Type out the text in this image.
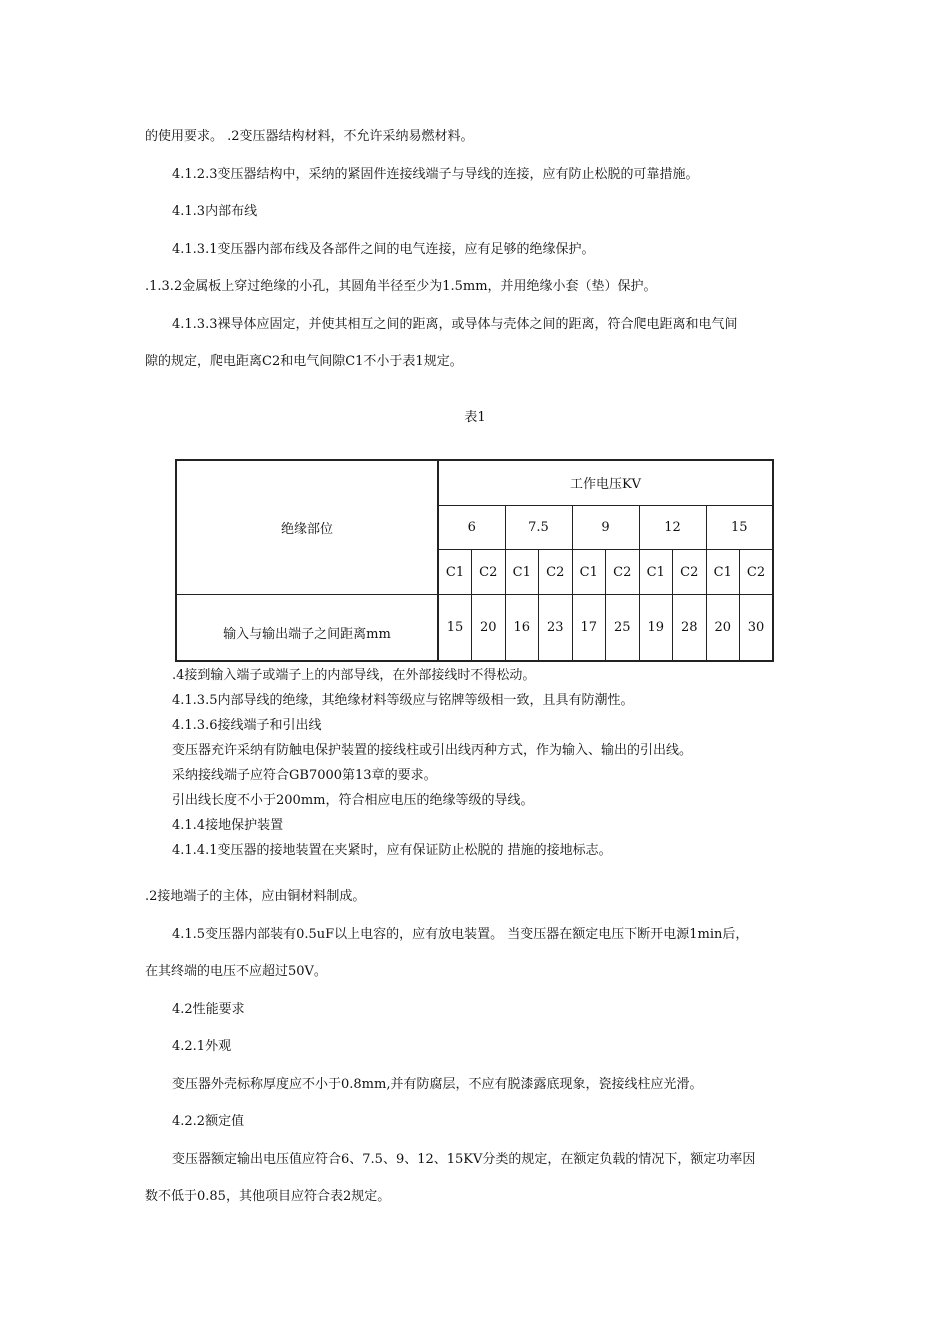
的使用要求。 .2变压器结构材料，不允许采纳易燃材料。

4.1.2.3变压器结构中，采纳的紧固件连接线端子与导线的连接，应有防止松脱的可靠措施。

4.1.3内部布线

4.1.3.1变压器内部布线及各部件之间的电气连接，应有足够的绝缘保护。

.1.3.2金属板上穿过绝缘的小孔，其圆角半径至少为1.5mm，并用绝缘小套（垫）保护。

4.1.3.3裸导体应固定，并使其相互之间的距离，或导体与壳体之间的距离，符合爬电距离和电气间

隙的规定，爬电距离C2和电气间隙C1不小于表1规定。

表1
绝缘部位	工作电压KV									
	6		7.5		9		12		15	
	C1	C2	C1	C2	C1	C2	C1	C2	C1	C2
输入与输出端子之间距离mm	15	20	16	23	17	25	19	28	20	30

.4接到输入端子或端子上的内部导线，在外部接线时不得松动。

4.1.3.5内部导线的绝缘，其绝缘材料等级应与铭牌等级相一致，且具有防潮性。

4.1.3.6接线端子和引出线

变压器充许采纳有防触电保护装置的接线柱或引出线丙种方式，作为输入、输出的引出线。

采纳接线端子应符合GB7000第13章的要求。

引出线长度不小于200mm，符合相应电压的绝缘等级的导线。

4.1.4接地保护装置

4.1.4.1变压器的接地装置在夹紧时，应有保证防止松脱的 措施的接地标志。

.2接地端子的主体，应由铜材料制成。

4.1.5变压器内部装有0.5uF以上电容的，应有放电装置。 当变压器在额定电压下断开电源1min后，

在其终端的电压不应超过50V。

4.2性能要求

4.2.1外观

变压器外壳标称厚度应不小于0.8mm,并有防腐层，不应有脱漆露底现象，瓷接线柱应光滑。

4.2.2额定值

变压器额定输出电压值应符合6、7.5、9、12、15KV分类的规定，在额定负载的情况下，额定功率因

数不低于0.85，其他项目应符合表2规定。
